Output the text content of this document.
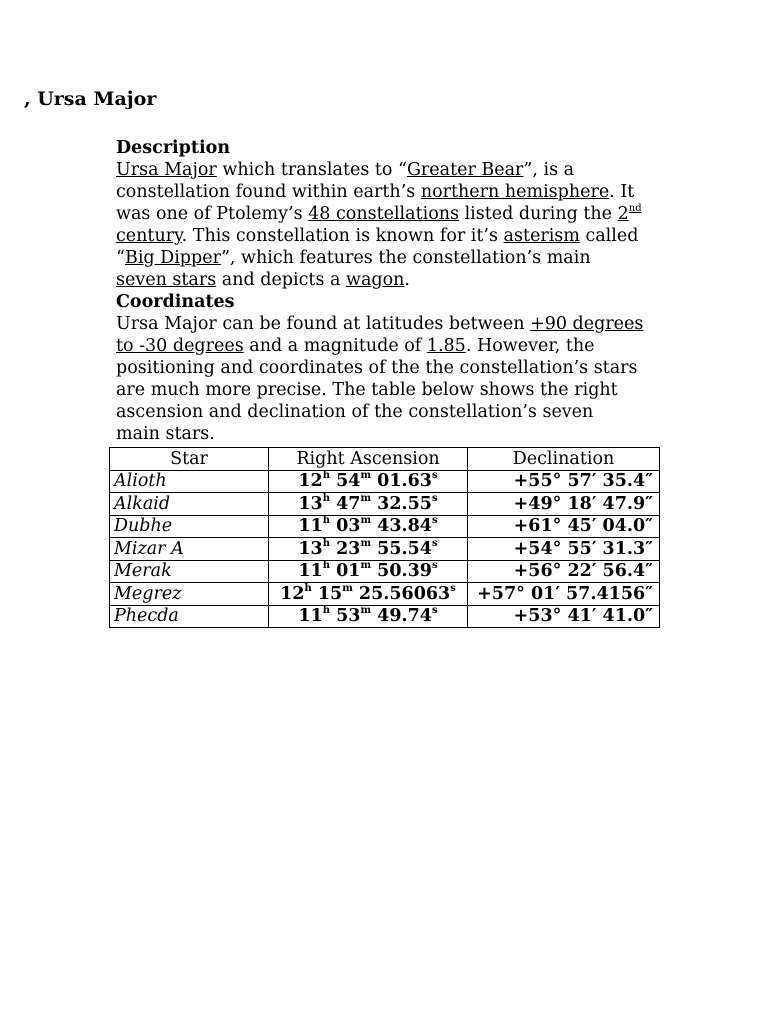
, Ursa Major
Description
Ursa Major which translates to “Greater Bear”, is a
constellation found within earth’s northern hemisphere. It
was one of Ptolemy’s 48 constellations listed during the 2nd
century. This constellation is known for it’s asterism called
“Big Dipper”, which features the constellation’s main
seven stars and depicts a wagon.
Coordinates
Ursa Major can be found at latitudes between +90 degrees
to -30 degrees and a magnitude of 1.85. However, the
positioning and coordinates of the the constellation’s stars
are much more precise. The table below shows the right
ascension and declination of the constellation’s seven
main stars.
Star	Right Ascension	Declination
Alioth	12$^h$ 54$^m$ $01.63^s$	+55° 57′ 35.4″
Alkaid	13$^h$ 47$^m$ $32.55^s$	+49° 18′ 47.9″
Dubhe	11$^h$ 03$^m$ $43.84^s$	+61° 45′ 04.0″
Mizar A	13$^h$ 23$^m$ $55.54^s$	+54° 55′ 31.3″
Merak	11$^h$ 01$^m$ $50.39^s$	+56° 22′ 56.4″
Megrez	12$^h$ 15$^m$ $25.56063^s$	+57° 01′ 57.4156″
Phecda	11$^h$ 53$^m$ $49.74^s$	+53° 41′ 41.0″
